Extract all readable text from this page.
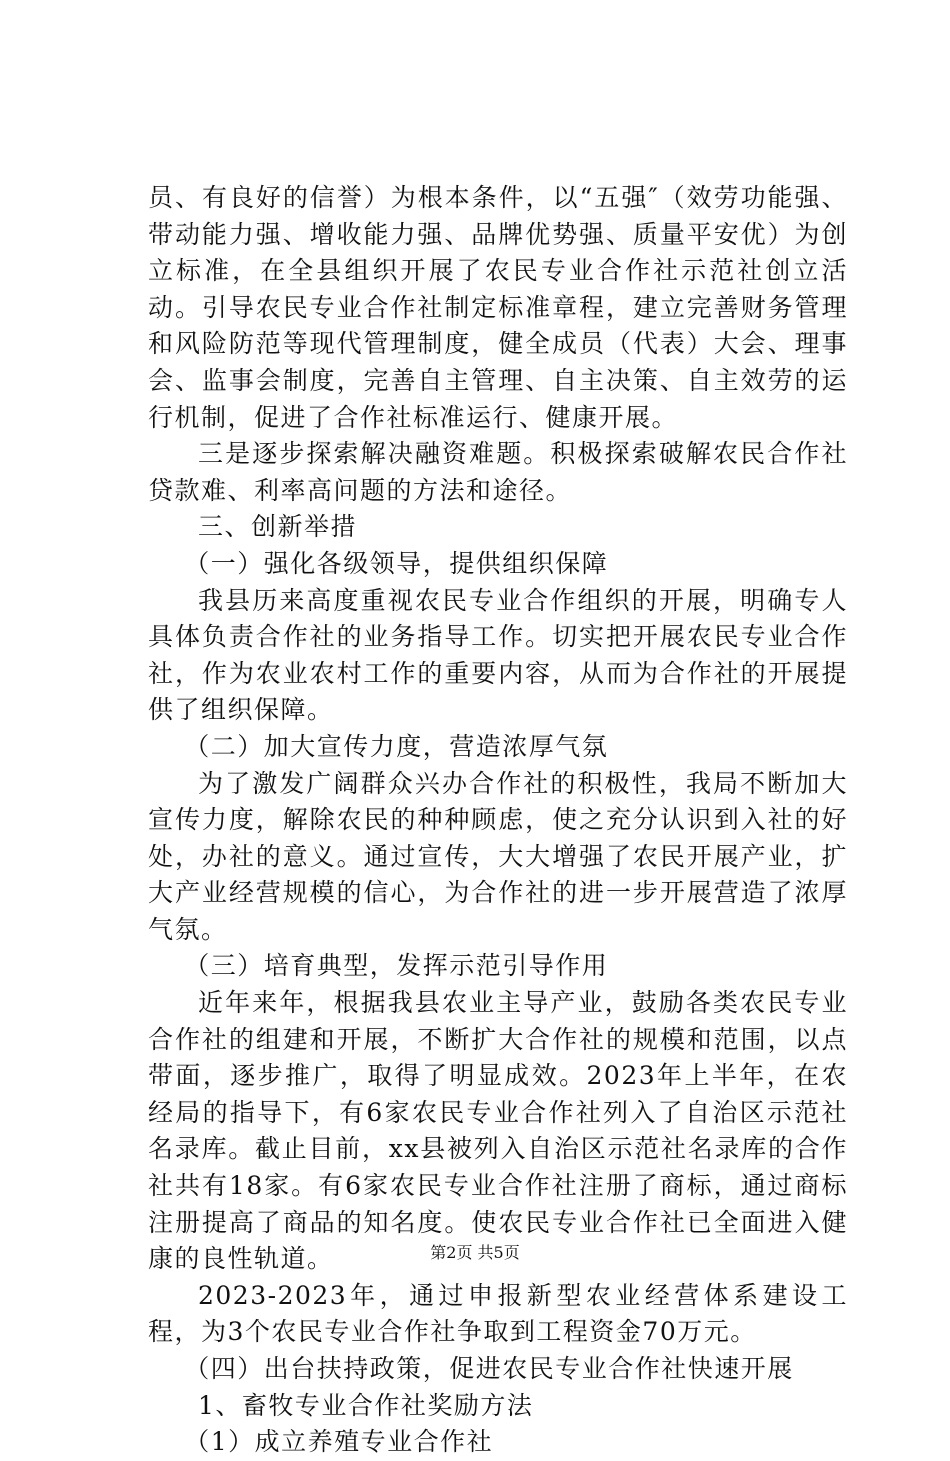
员、有良好的信誉）为根本条件，以“五强″（效劳功能强、带动能力强、增收能力强、品牌优势强、质量平安优）为创立标准，在全县组织开展了农民专业合作社示范社创立活动。引导农民专业合作社制定标准章程，建立完善财务管理和风险防范等现代管理制度，健全成员（代表）大会、理事会、监事会制度，完善自主管理、自主决策、自主效劳的运行机制，促进了合作社标准运行、健康开展。

三是逐步探索解决融资难题。积极探索破解农民合作社贷款难、利率高问题的方法和途径。

三、创新举措

（一）强化各级领导，提供组织保障

我县历来高度重视农民专业合作组织的开展，明确专人具体负责合作社的业务指导工作。切实把开展农民专业合作社，作为农业农村工作的重要内容，从而为合作社的开展提供了组织保障。

（二）加大宣传力度，营造浓厚气氛

为了激发广阔群众兴办合作社的积极性，我局不断加大宣传力度，解除农民的种种顾虑，使之充分认识到入社的好处，办社的意义。通过宣传，大大增强了农民开展产业，扩大产业经营规模的信心，为合作社的进一步开展营造了浓厚气氛。

（三）培育典型，发挥示范引导作用

近年来年，根据我县农业主导产业，鼓励各类农民专业合作社的组建和开展，不断扩大合作社的规模和范围，以点带面，逐步推广，取得了明显成效。2023年上半年，在农经局的指导下，有6家农民专业合作社列入了自治区示范社名录库。截止目前，xx县被列入自治区示范社名录库的合作社共有18家。有6家农民专业合作社注册了商标，通过商标注册提高了商品的知名度。使农民专业合作社已全面进入健康的良性轨道。

2023-2023年，通过申报新型农业经营体系建设工程，为3个农民专业合作社争取到工程资金70万元。

（四）出台扶持政策，促进农民专业合作社快速开展

1、畜牧专业合作社奖励方法

（1）成立养殖专业合作社

第2页 共5页
